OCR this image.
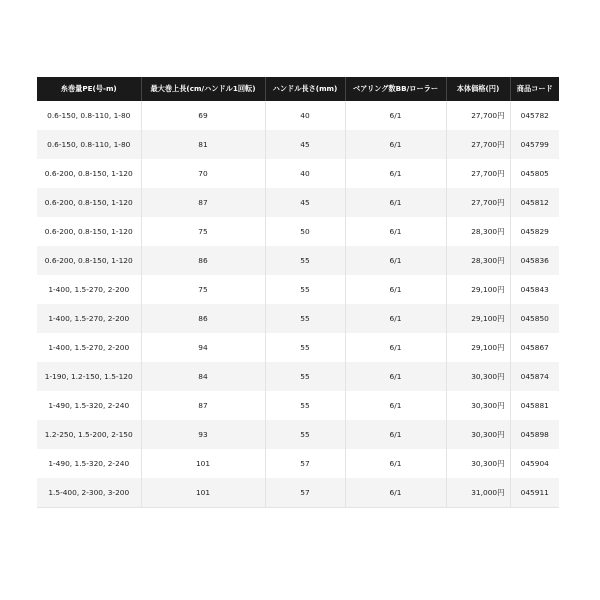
糸巻量PE(号-m)	最大巻上長(cm/ハンドル1回転)	ハンドル長さ(mm)	ベアリング数BB/ローラー	本体価格(円)	商品コード
0.6-150, 0.8-110, 1-80	69	40	6/1	27,700円	045782
0.6-150, 0.8-110, 1-80	81	45	6/1	27,700円	045799
0.6-200, 0.8-150, 1-120	70	40	6/1	27,700円	045805
0.6-200, 0.8-150, 1-120	87	45	6/1	27,700円	045812
0.6-200, 0.8-150, 1-120	75	50	6/1	28,300円	045829
0.6-200, 0.8-150, 1-120	86	55	6/1	28,300円	045836
1-400, 1.5-270, 2-200	75	55	6/1	29,100円	045843
1-400, 1.5-270, 2-200	86	55	6/1	29,100円	045850
1-400, 1.5-270, 2-200	94	55	6/1	29,100円	045867
1-190, 1.2-150, 1.5-120	84	55	6/1	30,300円	045874
1-490, 1.5-320, 2-240	87	55	6/1	30,300円	045881
1.2-250, 1.5-200, 2-150	93	55	6/1	30,300円	045898
1-490, 1.5-320, 2-240	101	57	6/1	30,300円	045904
1.5-400, 2-300, 3-200	101	57	6/1	31,000円	045911
